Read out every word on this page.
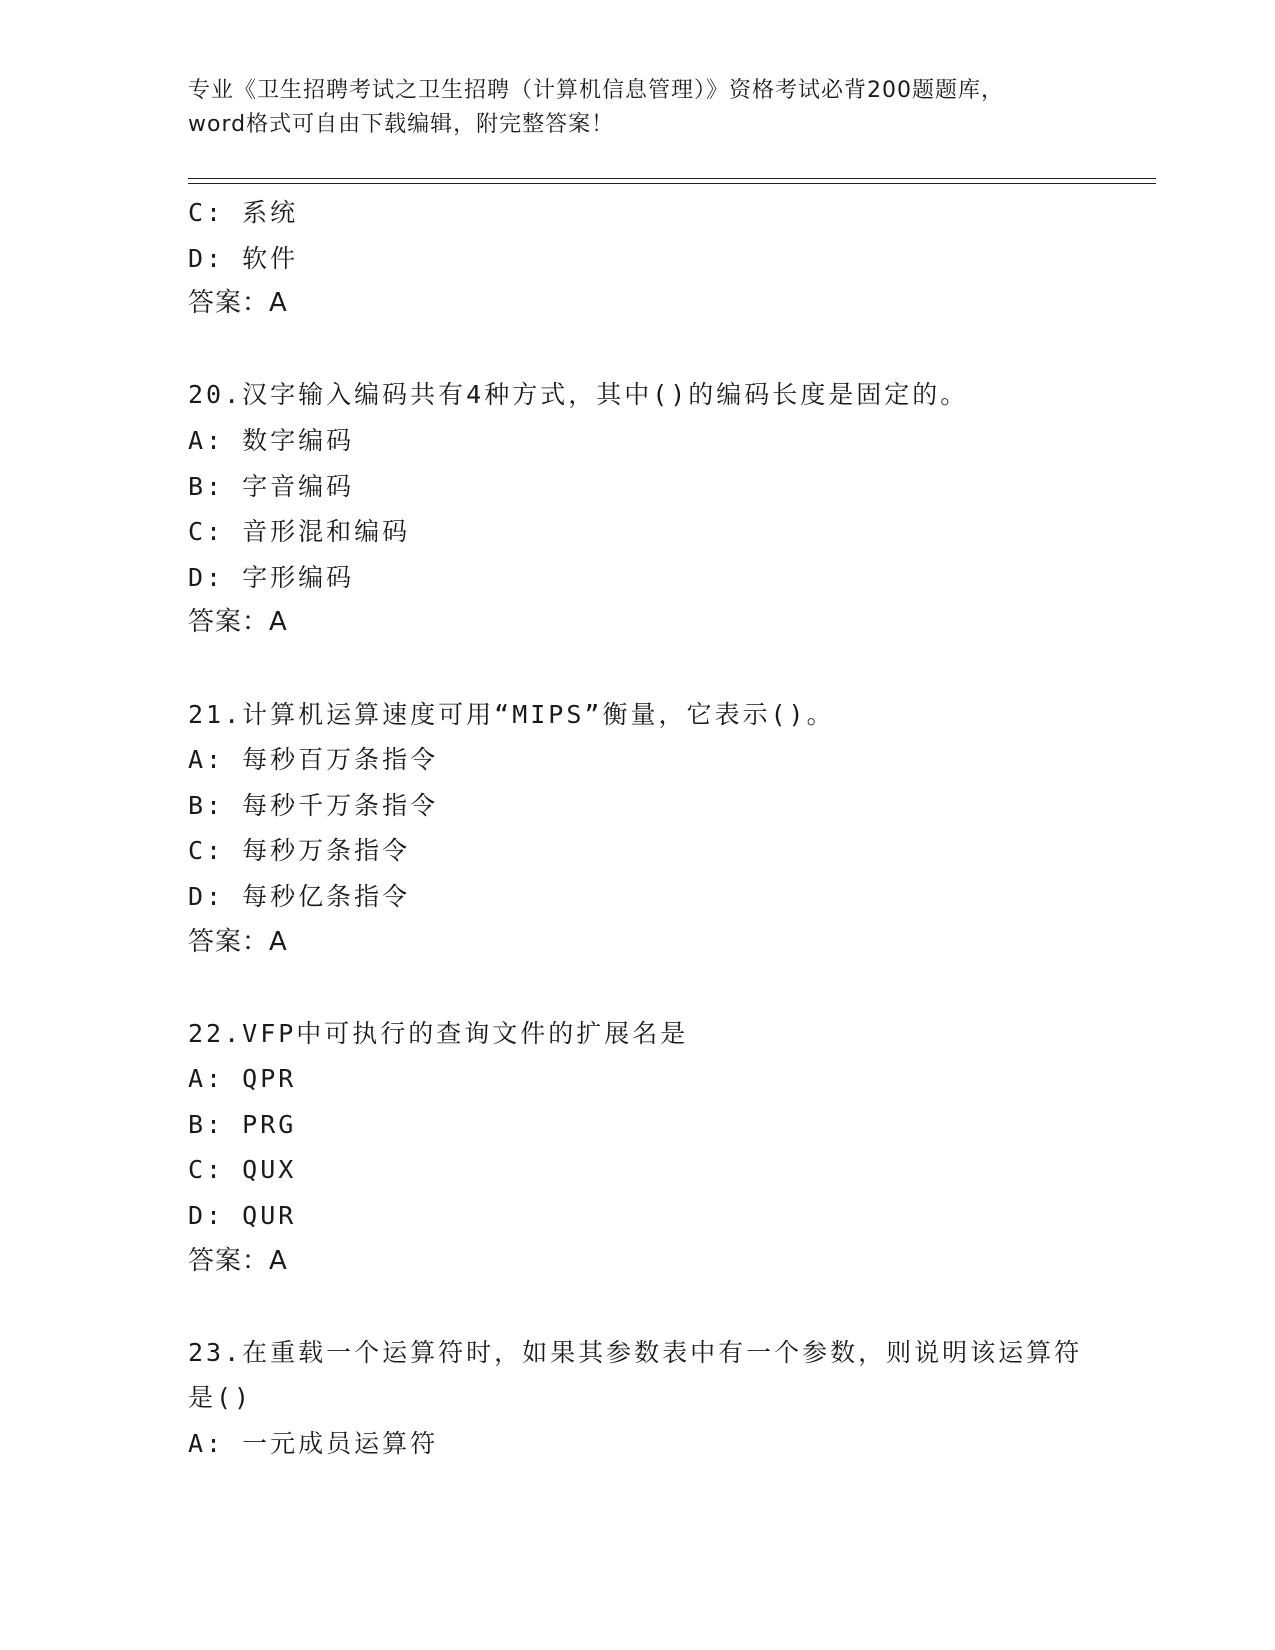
专业《卫生招聘考试之卫生招聘（计算机信息管理）》资格考试必背200题题库，
word格式可自由下载编辑，附完整答案！
C: 系统
D: 软件
答案：A
20.汉字输入编码共有4种方式，其中()的编码长度是固定的。
A: 数字编码
B: 字音编码
C: 音形混和编码
D: 字形编码
答案：A
21.计算机运算速度可用“MIPS”衡量，它表示()。
A: 每秒百万条指令
B: 每秒千万条指令
C: 每秒万条指令
D: 每秒亿条指令
答案：A
22.VFP中可执行的查询文件的扩展名是
A: QPR
B: PRG
C: QUX
D: QUR
答案：A
23.在重载一个运算符时，如果其参数表中有一个参数，则说明该运算符是()
A: 一元成员运算符
